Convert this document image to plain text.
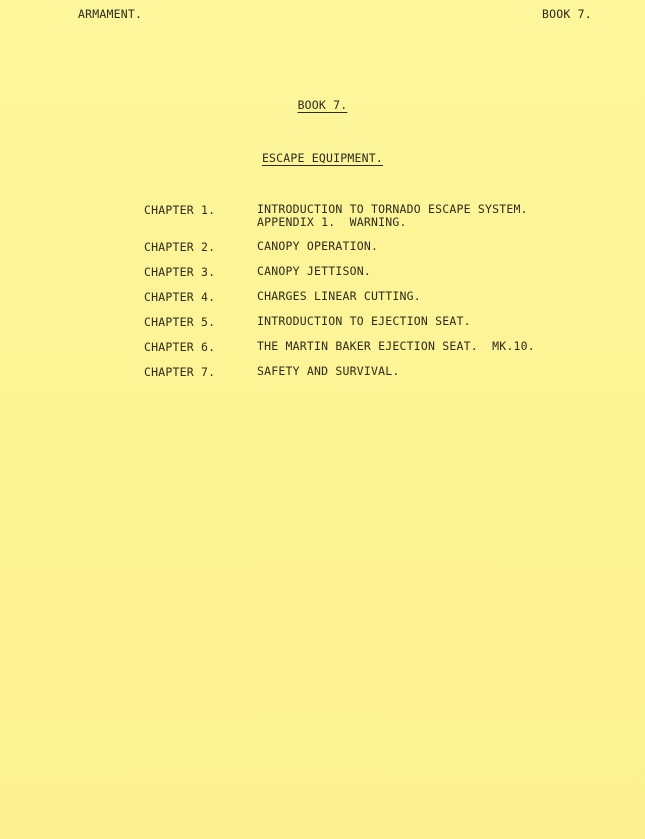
ARMAMENT.	BOOK 7.
BOOK 7.
ESCAPE EQUIPMENT.
CHAPTER 1.	INTRODUCTION TO TORNADO ESCAPE SYSTEM.
APPENDIX 1.  WARNING.
CHAPTER 2.	CANOPY OPERATION.
CHAPTER 3.	CANOPY JETTISON.
CHAPTER 4.	CHARGES LINEAR CUTTING.
CHAPTER 5.	INTRODUCTION TO EJECTION SEAT.
CHAPTER 6.	THE MARTIN BAKER EJECTION SEAT.  MK.10.
CHAPTER 7.	SAFETY AND SURVIVAL.
